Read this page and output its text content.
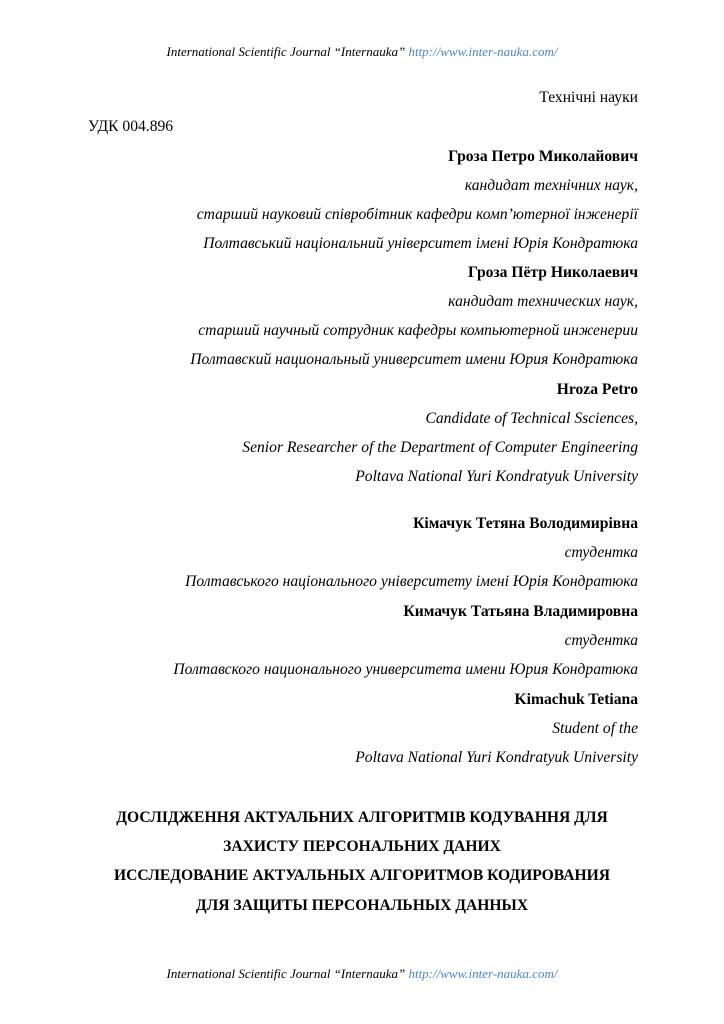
International Scientific Journal “Internauka” http://www.inter-nauka.com/
Технічні науки
УДК 004.896
Гроза Петро Миколайович
кандидат технічних наук,
старший науковий співробітник кафедри комп’ютерної інженерії
Полтавський національний університет імені Юрія Кондратюка
Гроза Пётр Николаевич
кандидат технических наук,
старший научный сотрудник кафедры компьютерной инженерии
Полтавский национальный университет имени Юрия Кондратюка
Hroza Petro
Candidate of Technical Ssciences,
Senior Researcher of the Department of Computer Engineering
Poltava National Yuri Kondratyuk University
Кімачук Тетяна Володимирівна
студентка
Полтавського національного університету імені Юрія Кондратюка
Кимачук Татьяна Владимировна
студентка
Полтавского национального университета имени Юрия Кондратюка
Kimachuk Tetiana
Student of the
Poltava National Yuri Kondratyuk University
ДОСЛІДЖЕННЯ АКТУАЛЬНИХ АЛГОРИТМІВ КОДУВАННЯ ДЛЯ
ЗАХИСТУ ПЕРСОНАЛЬНИХ ДАНИХ
ИССЛЕДОВАНИЕ АКТУАЛЬНЫХ АЛГОРИТМОВ КОДИРОВАНИЯ
ДЛЯ ЗАЩИТЫ ПЕРСОНАЛЬНЫХ ДАННЫХ
International Scientific Journal “Internauka” http://www.inter-nauka.com/
